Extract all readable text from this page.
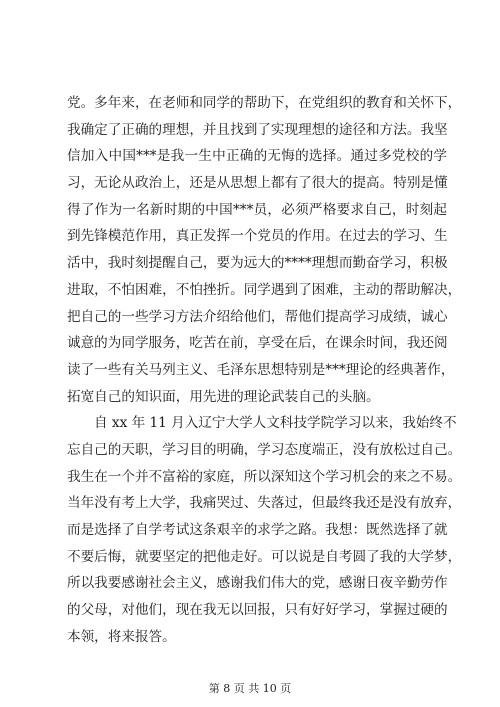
党。多年来，在老师和同学的帮助下，在党组织的教育和关怀下，
我确定了正确的理想，并且找到了实现理想的途径和方法。我坚
信加入中国***是我一生中正确的无悔的选择。通过多党校的学
习，无论从政治上，还是从思想上都有了很大的提高。特别是懂
得了作为一名新时期的中国***员，必须严格要求自己，时刻起
到先锋模范作用，真正发挥一个党员的作用。在过去的学习、生
活中，我时刻提醒自己，要为远大的****理想而勤奋学习，积极
进取，不怕困难，不怕挫折。同学遇到了困难，主动的帮助解决，
把自己的一些学习方法介绍给他们，帮他们提高学习成绩，诚心
诚意的为同学服务，吃苦在前，享受在后，在课余时间，我还阅
读了一些有关马列主义、毛泽东思想特别是***理论的经典著作，
拓宽自己的知识面，用先进的理论武装自己的头脑。
自 xx 年 11 月入辽宁大学人文科技学院学习以来，我始终不
忘自己的天职，学习目的明确，学习态度端正，没有放松过自己。
我生在一个并不富裕的家庭，所以深知这个学习机会的来之不易。
当年没有考上大学，我痛哭过、失落过，但最终我还是没有放弃，
而是选择了自学考试这条艰辛的求学之路。我想：既然选择了就
不要后悔，就要坚定的把他走好。可以说是自考圆了我的大学梦，
所以我要感谢社会主义，感谢我们伟大的党，感谢日夜辛勤劳作
的父母，对他们，现在我无以回报，只有好好学习，掌握过硬的
本领，将来报答。
第 8 页 共 10 页
